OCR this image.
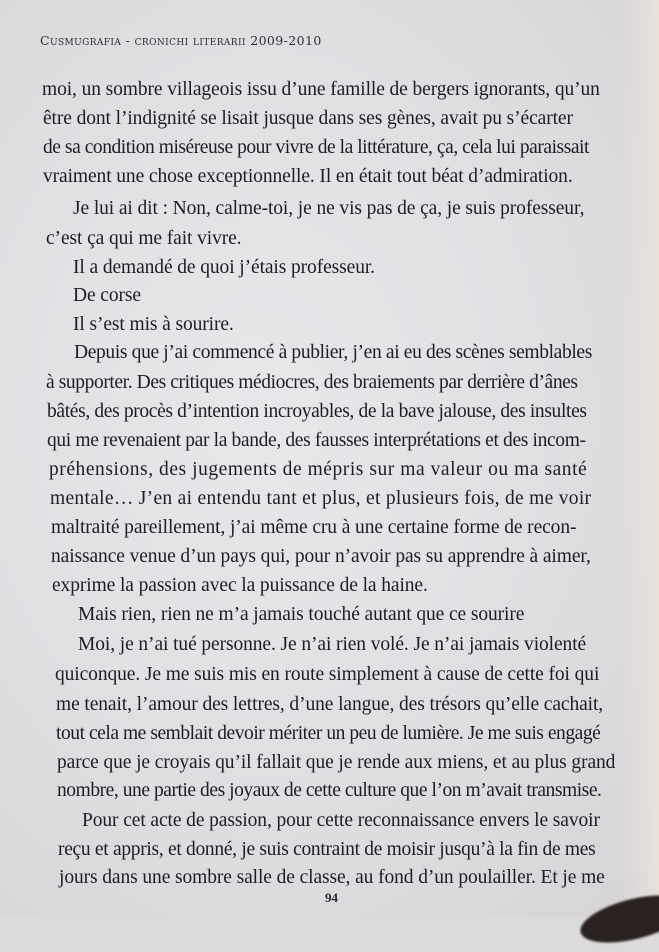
Cusmugrafia - cronichi literarii 2009-2010
moi, un sombre villageois issu d’une famille de bergers ignorants, qu’un
être dont l’indignité se lisait jusque dans ses gènes, avait pu s’écarter
de sa condition miséreuse pour vivre de la littérature, ça, cela lui paraissait
vraiment une chose exceptionnelle. Il en était tout béat d’admiration.
Je lui ai dit : Non, calme-toi, je ne vis pas de ça, je suis professeur,
c’est ça qui me fait vivre.
Il a demandé de quoi j’étais professeur.
De corse
Il s’est mis à sourire.
Depuis que j’ai commencé à publier, j’en ai eu des scènes semblables
à supporter. Des critiques médiocres, des braiements par derrière d’ânes
bâtés, des procès d’intention incroyables, de la bave jalouse, des insultes
qui me revenaient par la bande, des fausses interprétations et des incom-
préhensions, des jugements de mépris sur ma valeur ou ma santé
mentale… J’en ai entendu tant et plus, et plusieurs fois, de me voir
maltraité pareillement, j’ai même cru à une certaine forme de recon-
naissance venue d’un pays qui, pour n’avoir pas su apprendre à aimer,
exprime la passion avec la puissance de la haine.
Mais rien, rien ne m’a jamais touché autant que ce sourire
Moi, je n’ai tué personne. Je n’ai rien volé. Je n’ai jamais violenté
quiconque. Je me suis mis en route simplement à cause de cette foi qui
me tenait, l’amour des lettres, d’une langue, des trésors qu’elle cachait,
tout cela me semblait devoir mériter un peu de lumière. Je me suis engagé
parce que je croyais qu’il fallait que je rende aux miens, et au plus grand
nombre, une partie des joyaux de cette culture que l’on m’avait transmise.
Pour cet acte de passion, pour cette reconnaissance envers le savoir
reçu et appris, et donné, je suis contraint de moisir jusqu’à la fin de mes
jours dans une sombre salle de classe, au fond d’un poulailler. Et je me
94
